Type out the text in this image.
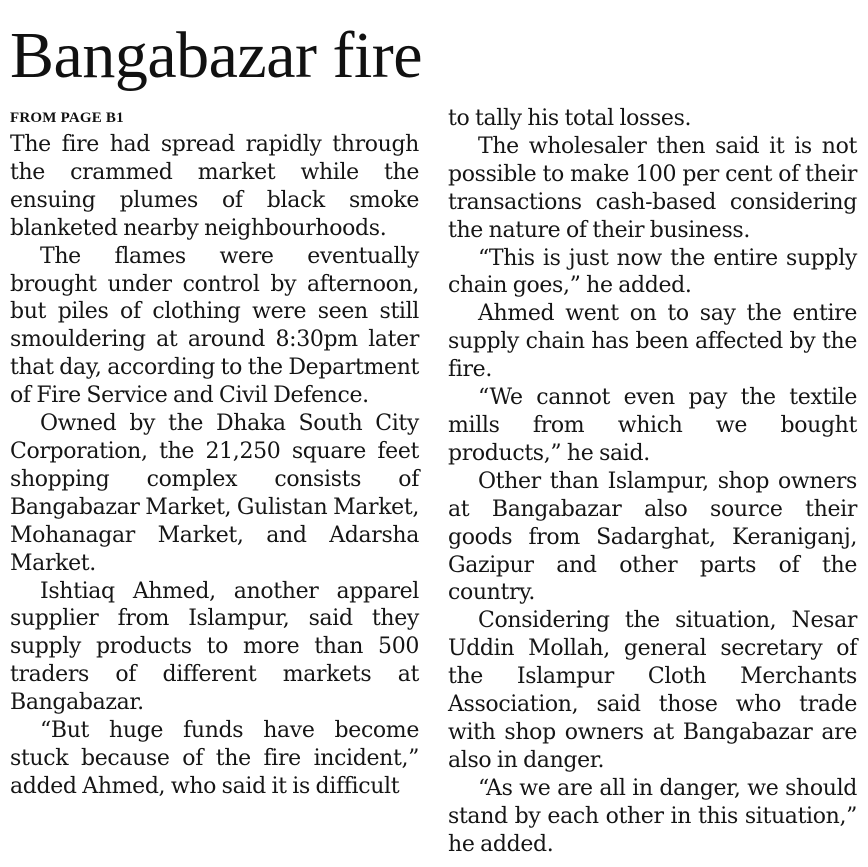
Bangabazar fire
FROM PAGE B1

The fire had spread rapidly through the crammed market while the ensuing plumes of black smoke blanketed nearby neighbourhoods.

The flames were eventually brought under control by afternoon, but piles of clothing were seen still smouldering at around 8:30pm later that day, according to the Department of Fire Service and Civil Defence.

Owned by the Dhaka South City Corporation, the 21,250 square feet shopping complex consists of Bangabazar Market, Gulistan Market, Mohanagar Market, and Adarsha Market.

Ishtiaq Ahmed, another apparel supplier from Islampur, said they supply products to more than 500 traders of different markets at Bangabazar.

“But huge funds have become stuck because of the fire incident,” added Ahmed, who said it is difficult

to tally his total losses.

The wholesaler then said it is not possible to make 100 per cent of their transactions cash-based considering the nature of their business.

“This is just now the entire supply chain goes,” he added.

Ahmed went on to say the entire supply chain has been affected by the fire.

“We cannot even pay the textile mills from which we bought products,” he said.

Other than Islampur, shop owners at Bangabazar also source their goods from Sadarghat, Keraniganj, Gazipur and other parts of the country.

Considering the situation, Nesar Uddin Mollah, general secretary of the Islampur Cloth Merchants Association, said those who trade with shop owners at Bangabazar are also in danger.

“As we are all in danger, we should stand by each other in this situation,” he added.
